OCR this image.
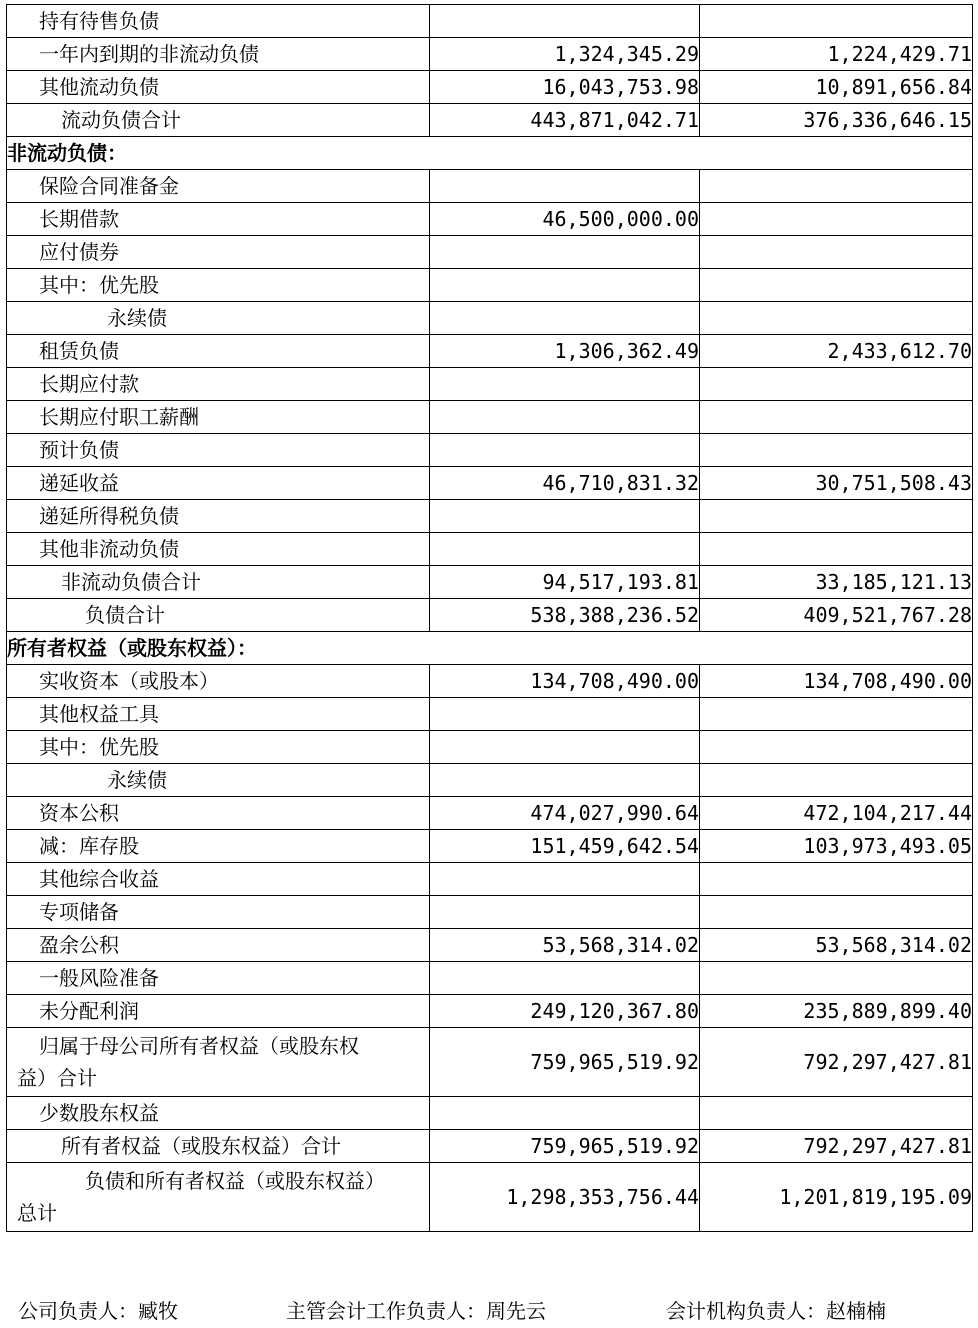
持有待售负债		
一年内到期的非流动负债	1,324,345.29	1,224,429.71
其他流动负债	16,043,753.98	10,891,656.84
流动负债合计	443,871,042.71	376,336,646.15
非流动负债：		
保险合同准备金		
长期借款	46,500,000.00	
应付债券		
其中：优先股		
永续债		
租赁负债	1,306,362.49	2,433,612.70
长期应付款		
长期应付职工薪酬		
预计负债		
递延收益	46,710,831.32	30,751,508.43
递延所得税负债		
其他非流动负债		
非流动负债合计	94,517,193.81	33,185,121.13
负债合计	538,388,236.52	409,521,767.28
所有者权益（或股东权益）：		
实收资本（或股本）	134,708,490.00	134,708,490.00
其他权益工具		
其中：优先股		
永续债		
资本公积	474,027,990.64	472,104,217.44
减：库存股	151,459,642.54	103,973,493.05
其他综合收益		
专项储备		
盈余公积	53,568,314.02	53,568,314.02
一般风险准备		
未分配利润	249,120,367.80	235,889,899.40

归属于母公司所有者权益（或股东权
益）合计	759,965,519.92	792,297,427.81
少数股东权益		
所有者权益（或股东权益）合计	759,965,519.92	792,297,427.81

负债和所有者权益（或股东权益）
总计	1,298,353,756.44	1,201,819,195.09
公司负责人：臧牧	主管会计工作负责人：周先云	会计机构负责人：赵楠楠
